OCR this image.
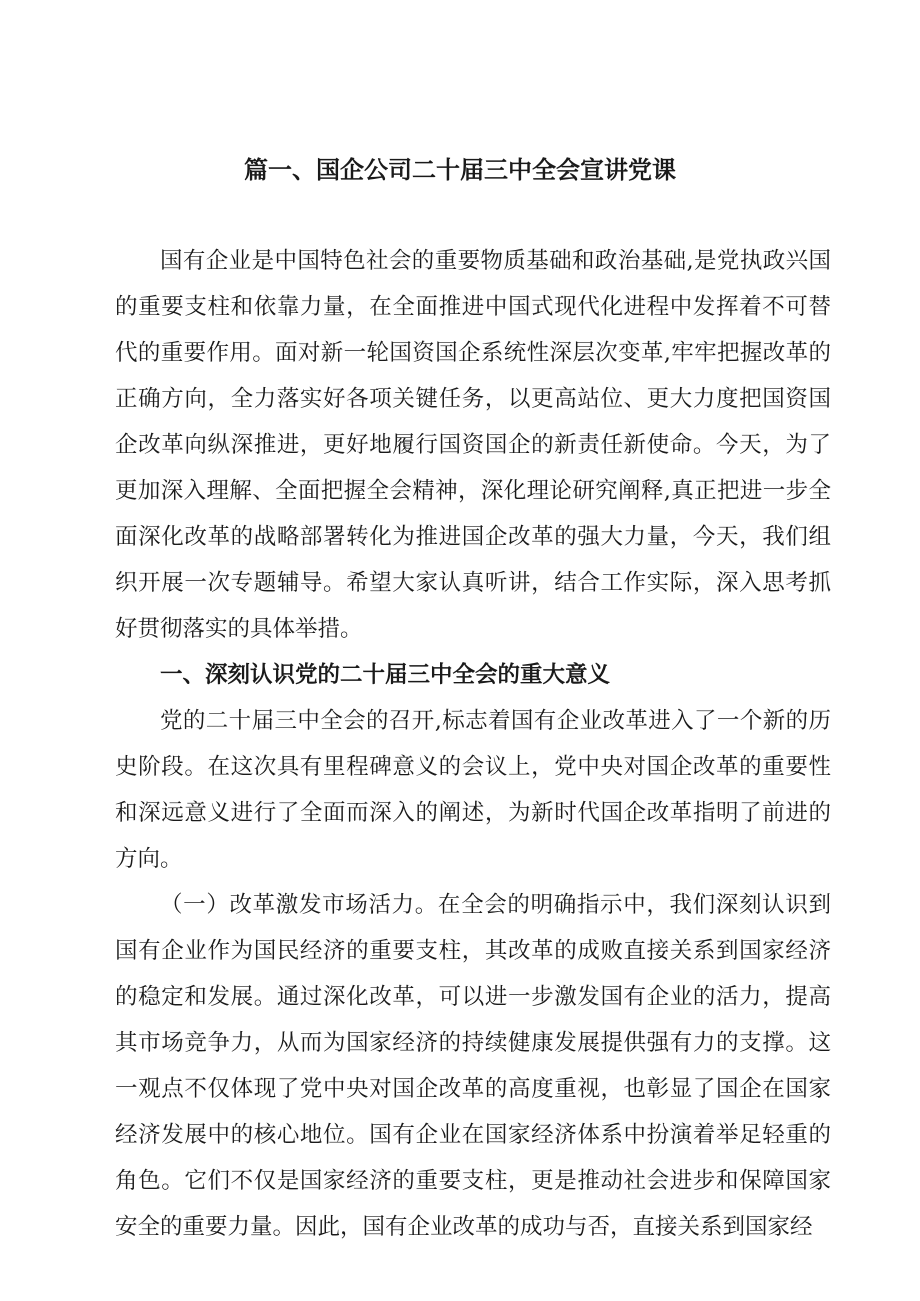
篇一、国企公司二十届三中全会宣讲党课

国有企业是中国特色社会的重要物质基础和政治基础,是党执政兴国的重要支柱和依靠力量，在全面推进中国式现代化进程中发挥着不可替代的重要作用。面对新一轮国资国企系统性深层次变革,牢牢把握改革的正确方向，全力落实好各项关键任务，以更高站位、更大力度把国资国企改革向纵深推进，更好地履行国资国企的新责任新使命。今天，为了更加深入理解、全面把握全会精神，深化理论研究阐释,真正把进一步全面深化改革的战略部署转化为推进国企改革的强大力量，今天，我们组织开展一次专题辅导。希望大家认真听讲，结合工作实际，深入思考抓好贯彻落实的具体举措。

一、深刻认识党的二十届三中全会的重大意义

党的二十届三中全会的召开,标志着国有企业改革进入了一个新的历史阶段。在这次具有里程碑意义的会议上，党中央对国企改革的重要性和深远意义进行了全面而深入的阐述，为新时代国企改革指明了前进的方向。

（一）改革激发市场活力。在全会的明确指示中，我们深刻认识到国有企业作为国民经济的重要支柱，其改革的成败直接关系到国家经济的稳定和发展。通过深化改革，可以进一步激发国有企业的活力，提高其市场竞争力，从而为国家经济的持续健康发展提供强有力的支撑。这一观点不仅体现了党中央对国企改革的高度重视，也彰显了国企在国家经济发展中的核心地位。国有企业在国家经济体系中扮演着举足轻重的角色。它们不仅是国家经济的重要支柱，更是推动社会进步和保障国家安全的重要力量。因此，国有企业改革的成功与否，直接关系到国家经
